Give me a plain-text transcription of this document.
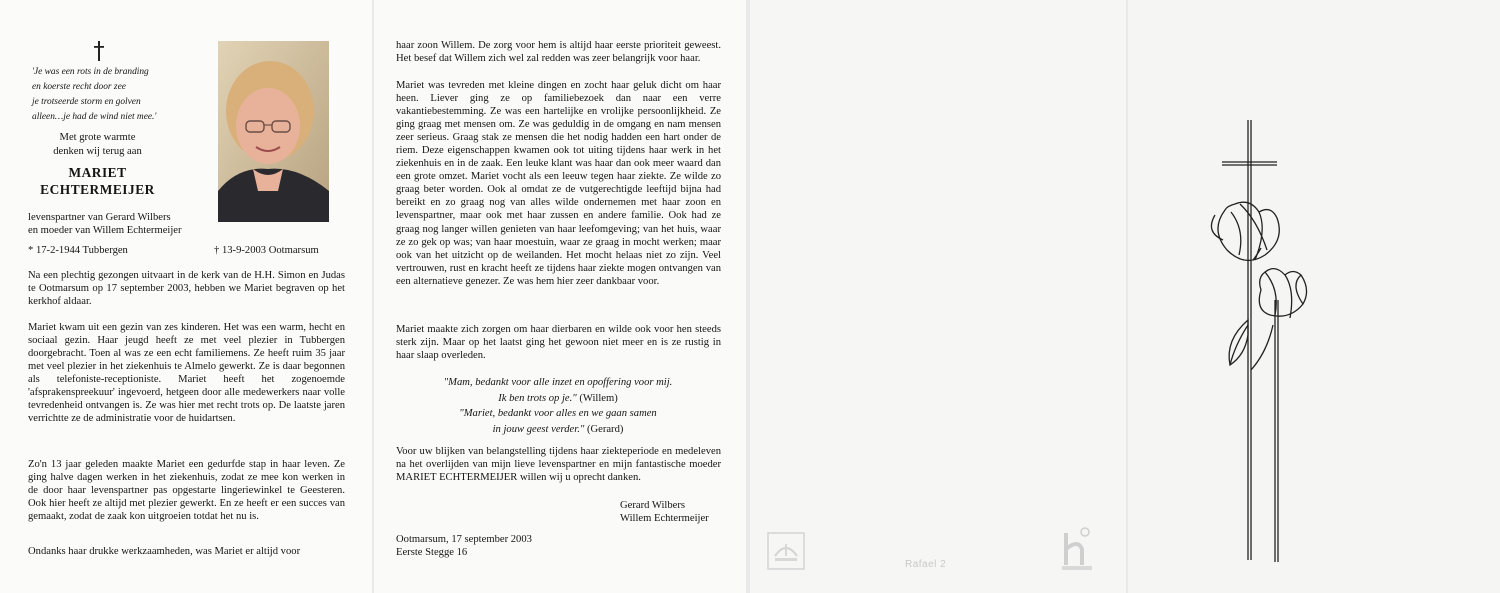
'Je was een rots in de branding
en koerste recht door zee
je trotseerde storm en golven
alleen…je had de wind niet mee.'
Met grote warmte
denken wij terug aan
MARIET
ECHTERMEIJER
levenspartner van Gerard Wilbers
en moeder van Willem Echtermeijer
* 17-2-1944 Tubbergen	† 13-9-2003 Ootmarsum
Na een plechtig gezongen uitvaart in de kerk van de H.H. Simon en Judas te Ootmarsum op 17 september 2003, hebben we Mariet begraven op het kerkhof aldaar.
Mariet kwam uit een gezin van zes kinderen. Het was een warm, hecht en sociaal gezin. Haar jeugd heeft ze met veel plezier in Tubbergen doorgebracht. Toen al was ze een echt familiemens. Ze heeft ruim 35 jaar met veel plezier in het ziekenhuis te Almelo gewerkt. Ze is daar begonnen als telefoniste-receptioniste. Mariet heeft het zogenoemde 'afsprakenspreekuur' ingevoerd, hetgeen door alle medewerkers naar volle tevredenheid ontvangen is. Ze was hier met recht trots op. De laatste jaren verrichtte ze de administratie voor de huidartsen.
Zo'n 13 jaar geleden maakte Mariet een gedurfde stap in haar leven. Ze ging halve dagen werken in het ziekenhuis, zodat ze mee kon werken in de door haar levenspartner pas opgestarte lingeriewinkel te Geesteren. Ook hier heeft ze altijd met plezier gewerkt. En ze heeft er een succes van gemaakt, zodat de zaak kon uitgroeien totdat het nu is.
Ondanks haar drukke werkzaamheden, was Mariet er altijd voor
haar zoon Willem. De zorg voor hem is altijd haar eerste prioriteit geweest. Het besef dat Willem zich wel zal redden was zeer belangrijk voor haar.
Mariet was tevreden met kleine dingen en zocht haar geluk dicht om haar heen. Liever ging ze op familiebezoek dan naar een verre vakantiebestemming. Ze was een hartelijke en vrolijke persoonlijkheid. Ze ging graag met mensen om. Ze was geduldig in de omgang en nam mensen zeer serieus. Graag stak ze mensen die het nodig hadden een hart onder de riem. Deze eigenschappen kwamen ook tot uiting tijdens haar werk in het ziekenhuis en in de zaak. Een leuke klant was haar dan ook meer waard dan een grote omzet. Mariet vocht als een leeuw tegen haar ziekte. Ze wilde zo graag beter worden. Ook al omdat ze de vutgerechtigde leeftijd bijna had bereikt en zo graag nog van alles wilde ondernemen met haar zoon en levenspartner, maar ook met haar zussen en andere familie. Ook had ze graag nog langer willen genieten van haar leefomgeving; van het huis, waar ze zo gek op was; van haar moestuin, waar ze graag in mocht werken; maar ook van het uitzicht op de weilanden. Het mocht helaas niet zo zijn. Veel vertrouwen, rust en kracht heeft ze tijdens haar ziekte mogen ontvangen van een alternatieve genezer. Ze was hem hier zeer dankbaar voor.
Mariet maakte zich zorgen om haar dierbaren en wilde ook voor hen steeds sterk zijn. Maar op het laatst ging het gewoon niet meer en is ze rustig in haar slaap overleden.
"Mam, bedankt voor alle inzet en opoffering voor mij.
Ik ben trots op je." (Willem)
"Mariet, bedankt voor alles en we gaan samen
in jouw geest verder." (Gerard)
Voor uw blijken van belangstelling tijdens haar ziekteperiode en medeleven na het overlijden van mijn lieve levenspartner en mijn fantastische moeder MARIET ECHTERMEIJER willen wij u oprecht danken.
Gerard Wilbers
Willem Echtermeijer
Ootmarsum, 17 september 2003
Eerste Stegge 16
Rafael 2
